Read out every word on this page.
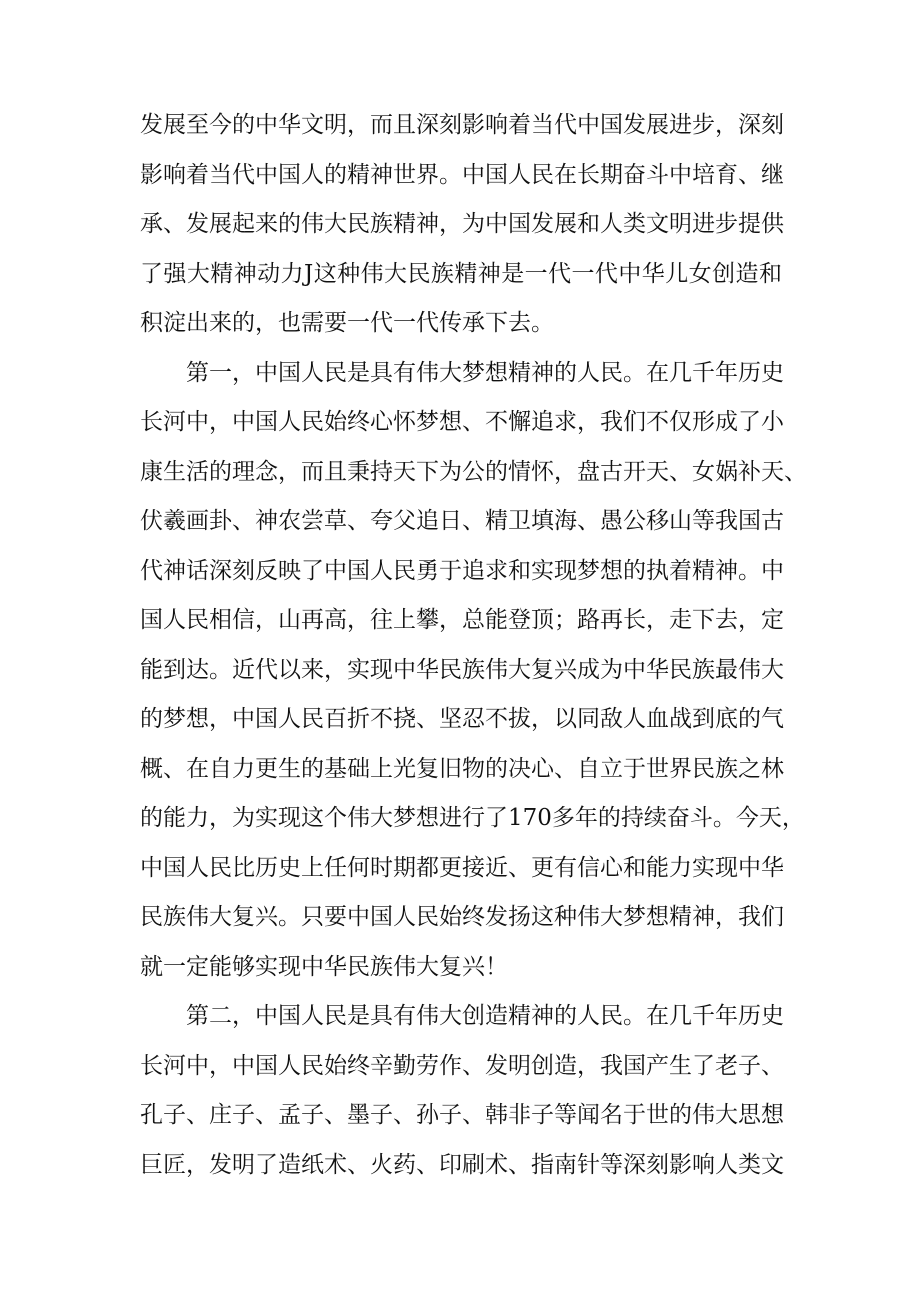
发展至今的中华文明，而且深刻影响着当代中国发展进步，深刻
影响着当代中国人的精神世界。中国人民在长期奋斗中培育、继
承、发展起来的伟大民族精神，为中国发展和人类文明进步提供
了强大精神动力J这种伟大民族精神是一代一代中华儿女创造和
积淀出来的，也需要一代一代传承下去。
第一，中国人民是具有伟大梦想精神的人民。在几千年历史
长河中，中国人民始终心怀梦想、不懈追求，我们不仅形成了小
康生活的理念，而且秉持天下为公的情怀，盘古开天、女娲补天、
伏羲画卦、神农尝草、夸父追日、精卫填海、愚公移山等我国古
代神话深刻反映了中国人民勇于追求和实现梦想的执着精神。中
国人民相信，山再高，往上攀，总能登顶；路再长，走下去，定
能到达。近代以来，实现中华民族伟大复兴成为中华民族最伟大
的梦想，中国人民百折不挠、坚忍不拔，以同敌人血战到底的气
概、在自力更生的基础上光复旧物的决心、自立于世界民族之林
的能力，为实现这个伟大梦想进行了170多年的持续奋斗。今天，
中国人民比历史上任何时期都更接近、更有信心和能力实现中华
民族伟大复兴。只要中国人民始终发扬这种伟大梦想精神，我们
就一定能够实现中华民族伟大复兴！
第二，中国人民是具有伟大创造精神的人民。在几千年历史
长河中，中国人民始终辛勤劳作、发明创造，我国产生了老子、
孔子、庄子、孟子、墨子、孙子、韩非子等闻名于世的伟大思想
巨匠，发明了造纸术、火药、印刷术、指南针等深刻影响人类文
